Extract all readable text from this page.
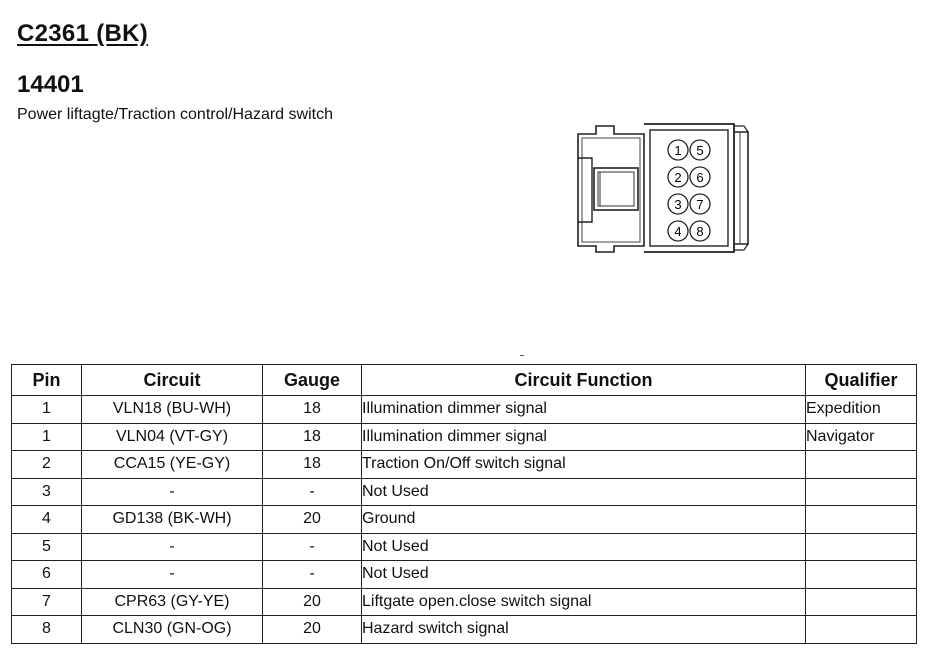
C2361 (BK)
14401
Power liftagte/Traction control/Hazard switch
1
2
3
4
5
6
7
8
Pin	Circuit	Gauge	Circuit Function	Qualifier
1	VLN18 (BU-WH)	18	Illumination dimmer signal	Expedition
1	VLN04 (VT-GY)	18	Illumination dimmer signal	Navigator
2	CCA15 (YE-GY)	18	Traction On/Off switch signal	
3	-	-	Not Used	
4	GD138 (BK-WH)	20	Ground	
5	-	-	Not Used	
6	-	-	Not Used	
7	CPR63 (GY-YE)	20	Liftgate open.close switch signal	
8	CLN30 (GN-OG)	20	Hazard switch signal	
